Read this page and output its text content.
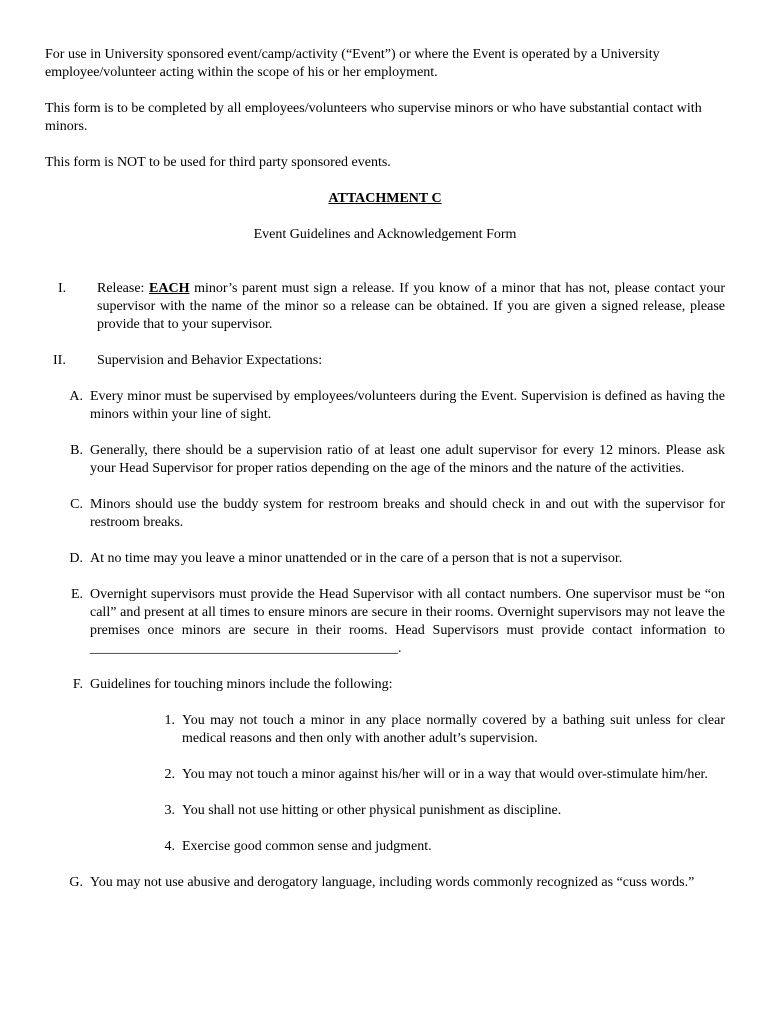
For use in University sponsored event/camp/activity (“Event”) or where the Event is operated by a University employee/volunteer acting within the scope of his or her employment.

This form is to be completed by all employees/volunteers who supervise minors or who have substantial contact with minors.

This form is NOT to be used for third party sponsored events.

ATTACHMENT C

Event Guidelines and Acknowledgement Form

I.	Release: EACH minor’s parent must sign a release. If you know of a minor that has not, please contact your supervisor with the name of the minor so a release can be obtained. If you are given a signed release, please provide that to your supervisor.
II.	Supervision and Behavior Expectations:
A. Every minor must be supervised by employees/volunteers during the Event. Supervision is defined as having the minors within your line of sight.
B. Generally, there should be a supervision ratio of at least one adult supervisor for every 12 minors. Please ask your Head Supervisor for proper ratios depending on the age of the minors and the nature of the activities.
C. Minors should use the buddy system for restroom breaks and should check in and out with the supervisor for restroom breaks.
D. At no time may you leave a minor unattended or in the care of a person that is not a supervisor.
E. Overnight supervisors must provide the Head Supervisor with all contact numbers. One supervisor must be “on call” and present at all times to ensure minors are secure in their rooms. Overnight supervisors may not leave the premises once minors are secure in their rooms. Head Supervisors must provide contact information to ____________________________________________.
F. Guidelines for touching minors include the following:
1. You may not touch a minor in any place normally covered by a bathing suit unless for clear medical reasons and then only with another adult’s supervision.
2. You may not touch a minor against his/her will or in a way that would over-stimulate him/her.
3. You shall not use hitting or other physical punishment as discipline.
4. Exercise good common sense and judgment.
G. You may not use abusive and derogatory language, including words commonly recognized as “cuss words.”
